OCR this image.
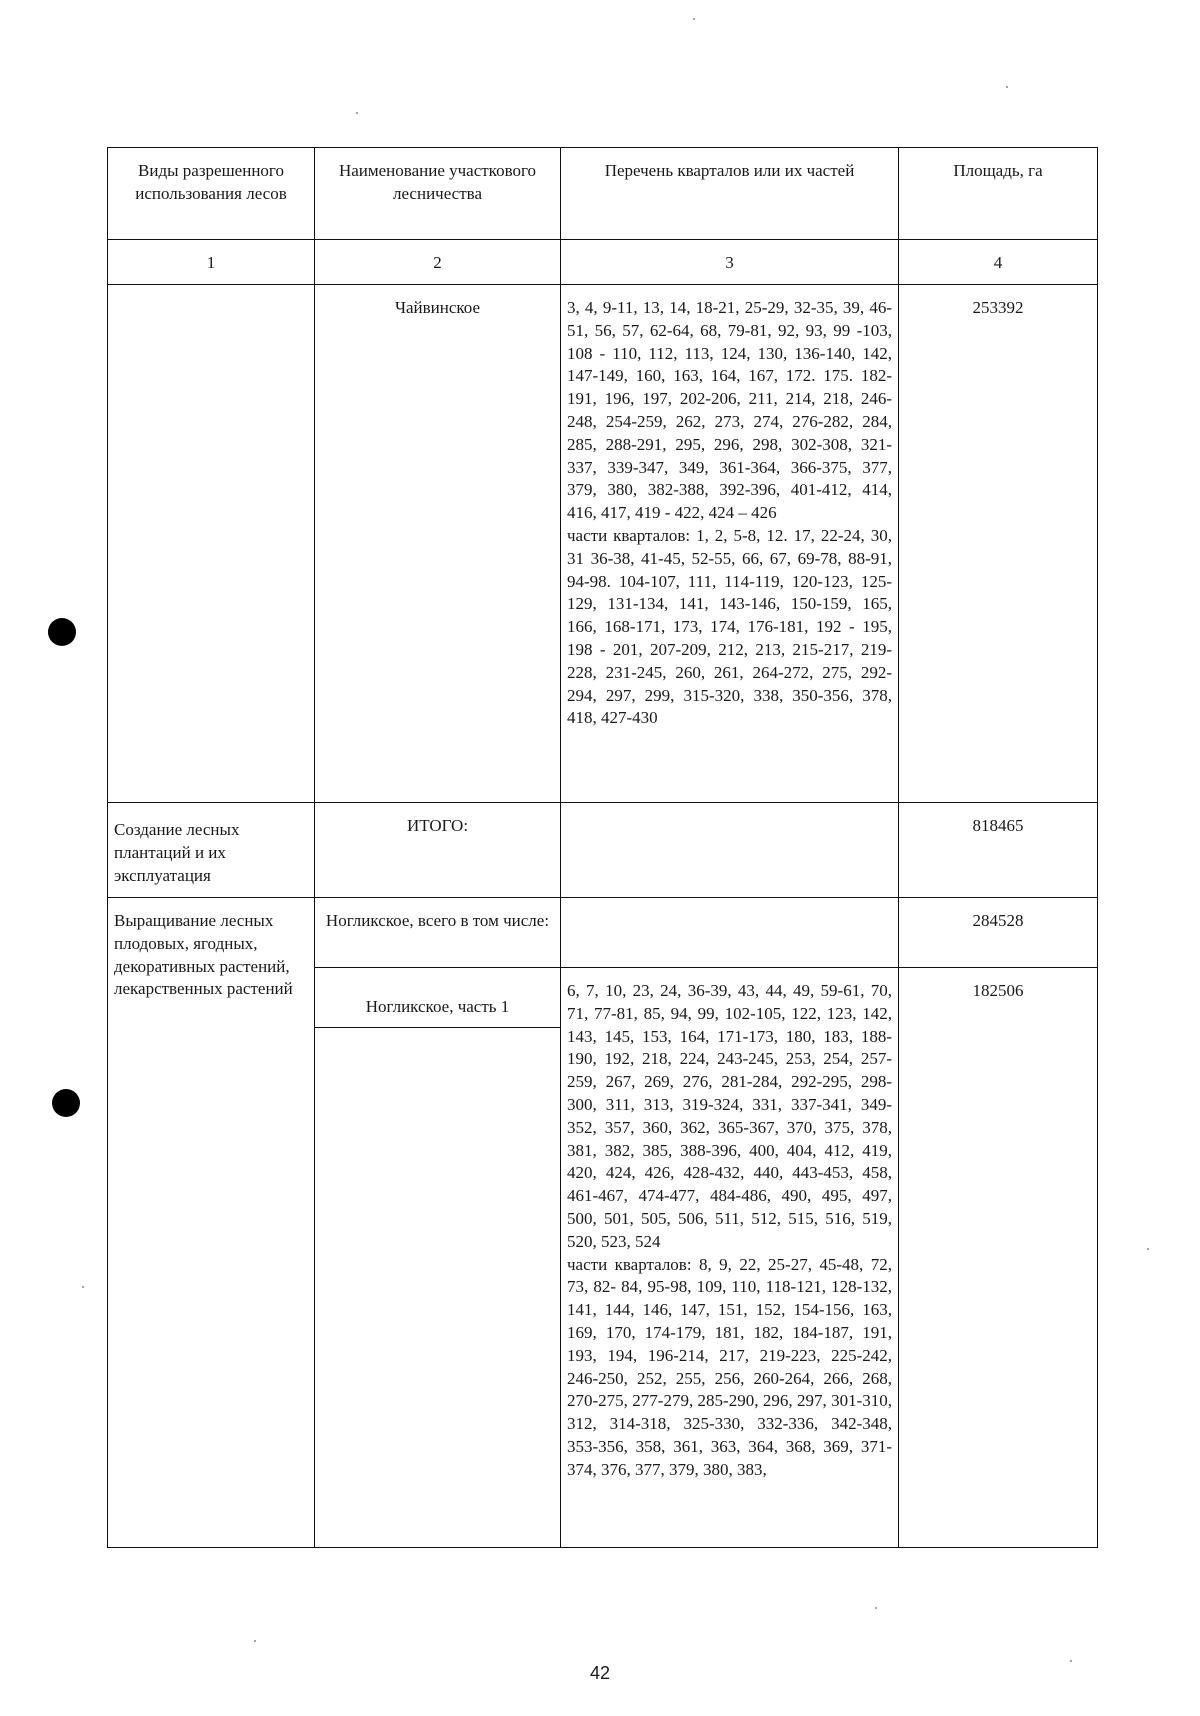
Виды разрешенного использования лесов	Наименование участкового лесничества	Перечень кварталов или их частей	Площадь, га
1	2	3	4
	Чайвинское	3, 4, 9-11, 13, 14, 18-21, 25-29, 32-35, 39, 46-51, 56, 57, 62-64, 68, 79-81, 92, 93, 99 -103, 108 - 110, 112, 113, 124, 130, 136-140, 142, 147-149, 160, 163, 164, 167, 172. 175. 182-191, 196, 197, 202-206, 211, 214, 218, 246-248, 254-259, 262, 273, 274, 276-282, 284, 285, 288-291, 295, 296, 298, 302-308, 321-337, 339-347, 349, 361-364, 366-375, 377, 379, 380, 382-388, 392-396, 401-412, 414, 416, 417, 419 - 422, 424 – 426
части кварталов: 1, 2, 5-8, 12. 17, 22-24, 30, 31 36-38, 41-45, 52-55, 66, 67, 69-78, 88-91, 94-98. 104-107, 111, 114-119, 120-123, 125-129, 131-134, 141, 143-146, 150-159, 165, 166, 168-171, 173, 174, 176-181, 192 - 195, 198 - 201, 207-209, 212, 213, 215-217, 219-228, 231-245, 260, 261, 264-272, 275, 292-294, 297, 299, 315-320, 338, 350-356, 378, 418, 427-430	253392
Создание лесных плантаций и их эксплуатация	ИТОГО:		818465
Выращивание лесных плодовых, ягодных, декоративных растений, лекарственных растений	Ногликское, всего в том числе:		284528

	Ногликское, часть 1	6, 7, 10, 23, 24, 36-39, 43, 44, 49, 59-61, 70, 71, 77-81, 85, 94, 99, 102-105, 122, 123, 142, 143, 145, 153, 164, 171-173, 180, 183, 188-190, 192, 218, 224, 243-245, 253, 254, 257-259, 267, 269, 276, 281-284, 292-295, 298-300, 311, 313, 319-324, 331, 337-341, 349-352, 357, 360, 362, 365-367, 370, 375, 378, 381, 382, 385, 388-396, 400, 404, 412, 419, 420, 424, 426, 428-432, 440, 443-453, 458, 461-467, 474-477, 484-486, 490, 495, 497, 500, 501, 505, 506, 511, 512, 515, 516, 519, 520, 523, 524
части кварталов: 8, 9, 22, 25-27, 45-48, 72, 73, 82- 84, 95-98, 109, 110, 118-121, 128-132, 141, 144, 146, 147, 151, 152, 154-156, 163, 169, 170, 174-179, 181, 182, 184-187, 191, 193, 194, 196-214, 217, 219-223, 225-242, 246-250, 252, 255, 256, 260-264, 266, 268, 270-275, 277-279, 285-290, 296, 297, 301-310, 312, 314-318, 325-330, 332-336, 342-348, 353-356, 358, 361, 363, 364, 368, 369, 371-374, 376, 377, 379, 380, 383,	182506
42
